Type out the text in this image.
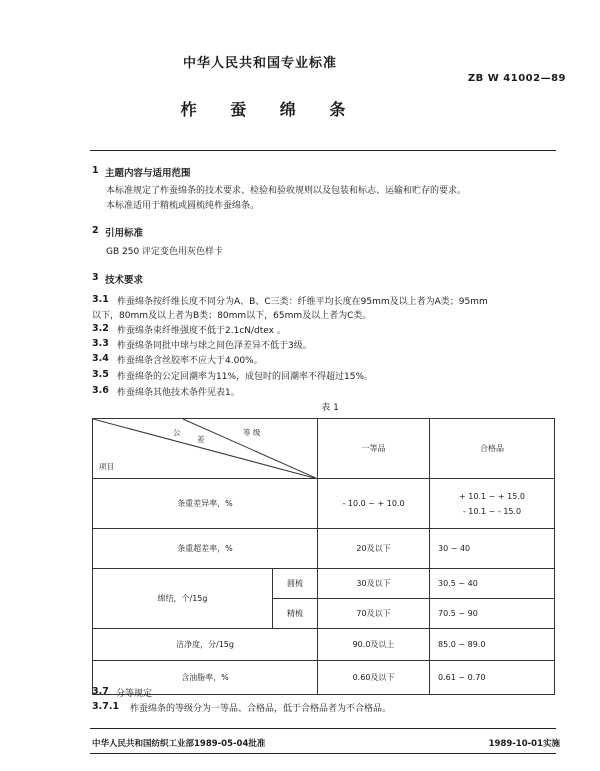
中华人民共和国专业标准
ZB W 41002—89
柞 蚕 绵 条
1 主题内容与适用范围
本标准规定了柞蚕绵条的技术要求、检验和验收规则以及包装和标志、运输和贮存的要求。
本标准适用于精梳或圆梳纯柞蚕绵条。
2 引用标准
GB 250 评定变色用灰色样卡
3 技术要求
3.1 柞蚕绵条按纤维长度不同分为A、B、C三类：纤维平均长度在95mm及以上者为A类；95mm
以下，80mm及以上者为B类；80mm以下，65mm及以上者为C类。
3.2 柞蚕绵条束纤维强度不低于2.1cN/dtex 。
3.3 柞蚕绵条同批中球与球之间色泽差异不低于3级。
3.4 柞蚕绵条含丝胶率不应大于4.00%。
3.5 柞蚕绵条的公定回潮率为11%，成包时的回潮率不得超过15%。
3.6 柞蚕绵条其他技术条件见表1。
表 1
公
差
等 级
项目		一等品	合格品
条重差异率，%		- 10.0 ~ + 10.0	+ 10.1 ~ + 15.0
- 10.1 ~ - 15.0

条重超差率，%		20及以下	30 ~ 40
绵结，个/15g	圆梳	30及以下	30.5 ~ 40
	精梳	70及以下	70.5 ~ 90
洁净度，分/15g		90.0及以上	85.0 ~ 89.0
含油脂率，%		0.60及以下	0.61 ~ 0.70
3.7 分等规定
3.7.1 柞蚕绵条的等级分为一等品、合格品，低于合格品者为不合格品。
中华人民共和国纺织工业部1989-05-04批准	1989-10-01实施
